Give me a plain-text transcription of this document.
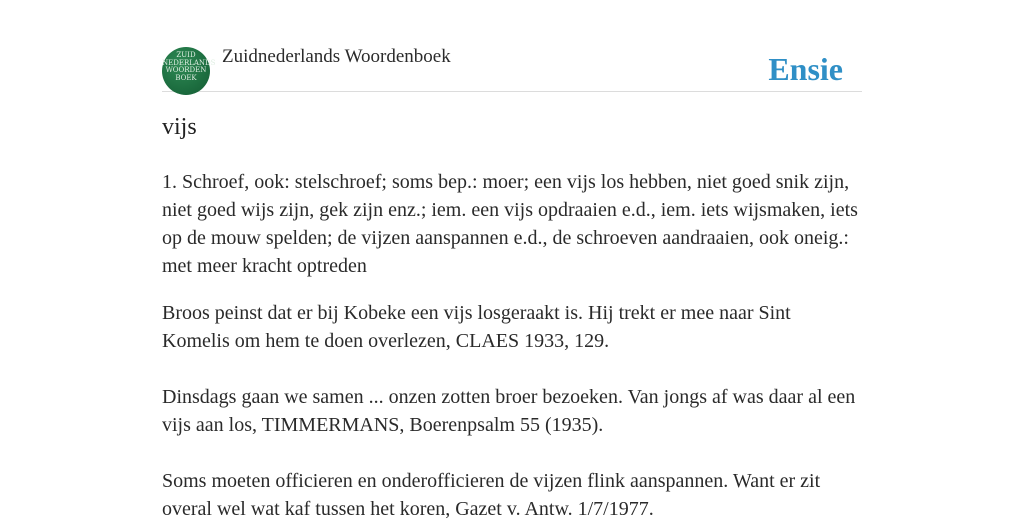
ZUID
NEDERLANDS
WOORDEN
BOEK
Zuidnederlands Woordenboek	Ensie
vijs

1. Schroef, ook: stelschroef; soms bep.: moer; een vijs los hebben, niet goed snik zijn, niet goed wijs zijn, gek zijn enz.; iem. een vijs opdraaien e.d., iem. iets wijsmaken, iets op de mouw spelden; de vijzen aanspannen e.d., de schroeven aandraaien, ook oneig.: met meer kracht optreden

Broos peinst dat er bij Kobeke een vijs losgeraakt is. Hij trekt er mee naar Sint Komelis om hem te doen overlezen, CLAES 1933, 129.

Dinsdags gaan we samen ... onzen zotten broer bezoeken. Van jongs af was daar al een vijs aan los, TIMMERMANS, Boerenpsalm 55 (1935).

Soms moeten officieren en onderofficieren de vijzen flink aanspannen. Want er zit overal wel wat kaf tussen het koren, Gazet v. Antw. 1/7/1977.
